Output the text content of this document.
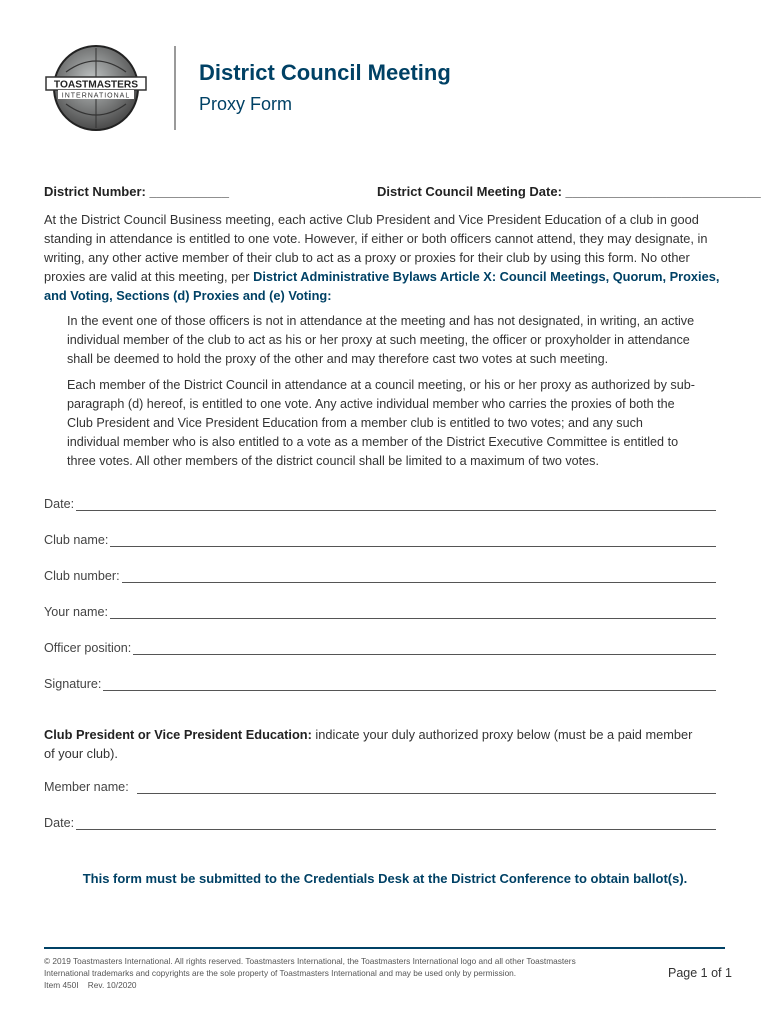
TOASTMASTERS
INTERNATIONAL
District Council Meeting
Proxy Form
District Number: ___________	District Council Meeting Date: ___________________________
At the District Council Business meeting, each active Club President and Vice President Education of a club in good standing in attendance is entitled to one vote. However, if either or both officers cannot attend, they may designate, in writing, any other active member of their club to act as a proxy or proxies for their club by using this form. No other proxies are valid at this meeting, per District Administrative Bylaws Article X: Council Meetings, Quorum, Proxies, and Voting, Sections (d) Proxies and (e) Voting:
In the event one of those officers is not in attendance at the meeting and has not designated, in writing, an active individual member of the club to act as his or her proxy at such meeting, the officer or proxyholder in attendance shall be deemed to hold the proxy of the other and may therefore cast two votes at such meeting.
Each member of the District Council in attendance at a council meeting, or his or her proxy as authorized by sub-paragraph (d) hereof, is entitled to one vote. Any active individual member who carries the proxies of both the Club President and Vice President Education from a member club is entitled to two votes; and any such individual member who is also entitled to a vote as a member of the District Executive Committee is entitled to three votes. All other members of the district council shall be limited to a maximum of two votes.
Date:
Club name:
Club number:
Your name:
Officer position:
Signature:
Club President or Vice President Education: indicate your duly authorized proxy below (must be a paid member of your club).
Member name:
Date:
This form must be submitted to the Credentials Desk at the District Conference to obtain ballot(s).
© 2019 Toastmasters International. All rights reserved. Toastmasters International, the Toastmasters International logo and all other Toastmasters
International trademarks and copyrights are the sole property of Toastmasters International and may be used only by permission.
Item 450I    Rev. 10/2020
Page 1 of 1
